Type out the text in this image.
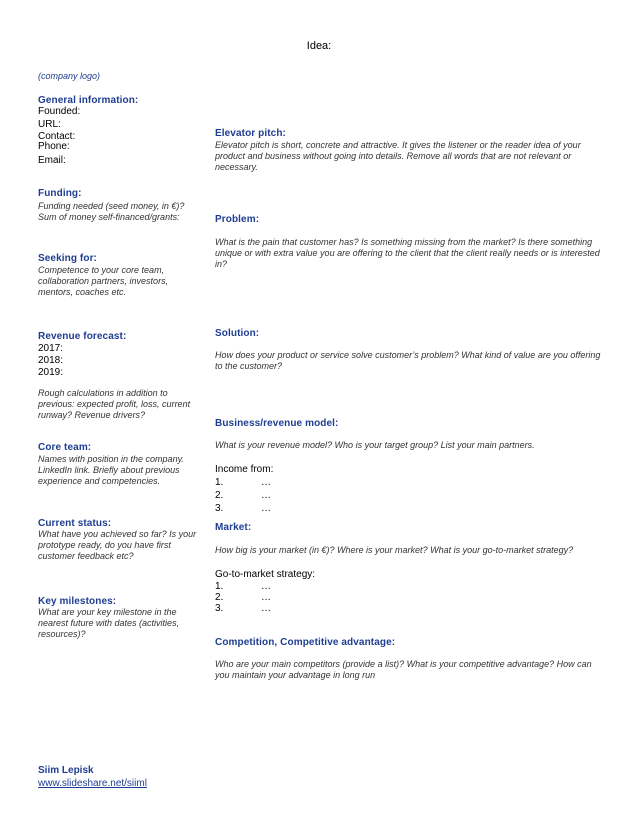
Idea:
(company logo)
General information:
Founded:
URL:
Contact:
Phone:
Email:
Funding:
Funding needed (seed money, in €)?
Sum of money self-financed/grants:
Seeking for:
Competence to your core team, collaboration partners, investors, mentors, coaches etc.
Revenue forecast:
2017:
2018:
2019:
Rough calculations in addition to previous: expected profit, loss, current runway? Revenue drivers?
Core team:
Names with position in the company. LinkedIn link. Briefly about previous experience and competencies.
Current status:
What have you achieved so far? Is your prototype ready, do you have first customer feedback etc?
Key milestones:
What are your key milestone in the nearest future with dates (activities, resources)?
Elevator pitch:
Elevator pitch is short, concrete and attractive. It gives the listener or the reader idea of your product and business without going into details. Remove all words that are not relevant or necessary.
Problem:
What is the pain that customer has? Is something missing from the market? Is there something unique or with extra value you are offering to the client that the client really needs or is interested in?
Solution:
How does your product or service solve customer’s problem? What kind of value are you offering to the customer?
Business/revenue model:
What is your revenue model? Who is your target group? List your main partners.
Income from:
1.	…
2.	…
3.	…
Market:
How big is your market (in €)? Where is your market? What is your go-to-market strategy?
Go-to-market strategy:
1.	…
2.	…
3.	…
Competition, Competitive advantage:
Who are your main competitors (provide a list)? What is your competitive advantage? How can you maintain your advantage in long run
Siim Lepisk
www.slideshare.net/siiml
